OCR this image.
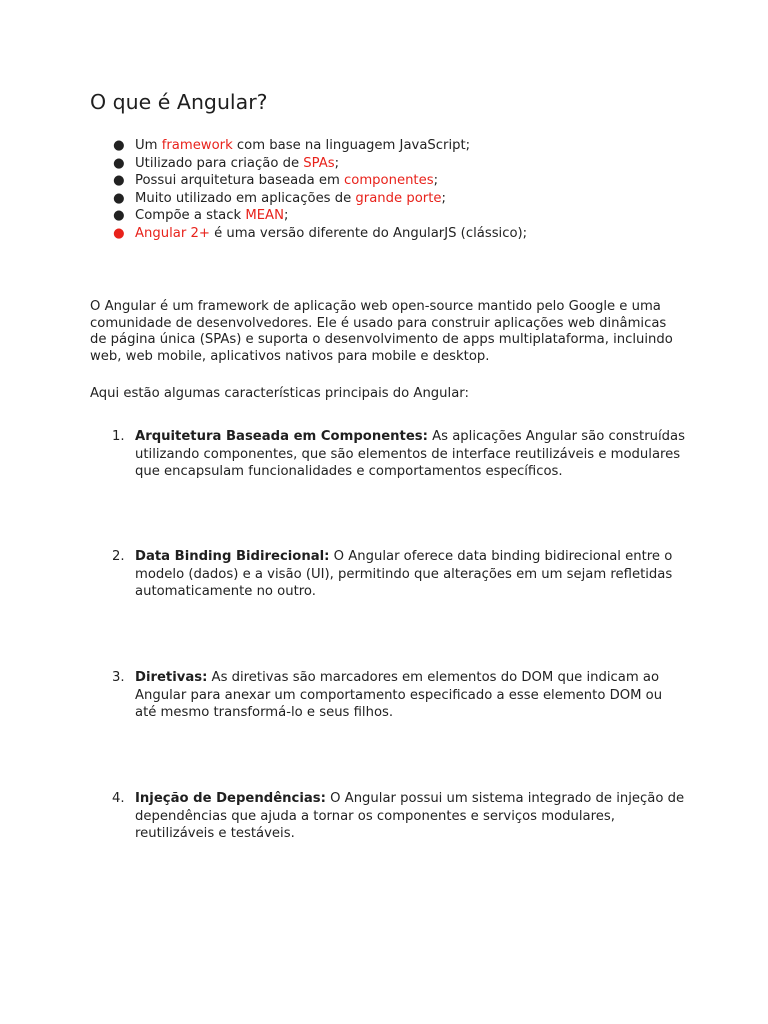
O que é Angular?
● Um framework com base na linguagem JavaScript;
● Utilizado para criação de SPAs;
● Possui arquitetura baseada em componentes;
● Muito utilizado em aplicações de grande porte;
● Compõe a stack MEAN;
● Angular 2+ é uma versão diferente do AngularJS (clássico);

O Angular é um framework de aplicação web open-source mantido pelo Google e uma
comunidade de desenvolvedores. Ele é usado para construir aplicações web dinâmicas
de página única (SPAs) e suporta o desenvolvimento de apps multiplataforma, incluindo
web, web mobile, aplicativos nativos para mobile e desktop.

Aqui estão algumas características principais do Angular:

1. Arquitetura Baseada em Componentes: As aplicações Angular são construídas
utilizando componentes, que são elementos de interface reutilizáveis e modulares
que encapsulam funcionalidades e comportamentos específicos.
2. Data Binding Bidirecional: O Angular oferece data binding bidirecional entre o
modelo (dados) e a visão (UI), permitindo que alterações em um sejam refletidas
automaticamente no outro.
3. Diretivas: As diretivas são marcadores em elementos do DOM que indicam ao
Angular para anexar um comportamento especificado a esse elemento DOM ou
até mesmo transformá-lo e seus filhos.
4. Injeção de Dependências: O Angular possui um sistema integrado de injeção de
dependências que ajuda a tornar os componentes e serviços modulares,
reutilizáveis e testáveis.
